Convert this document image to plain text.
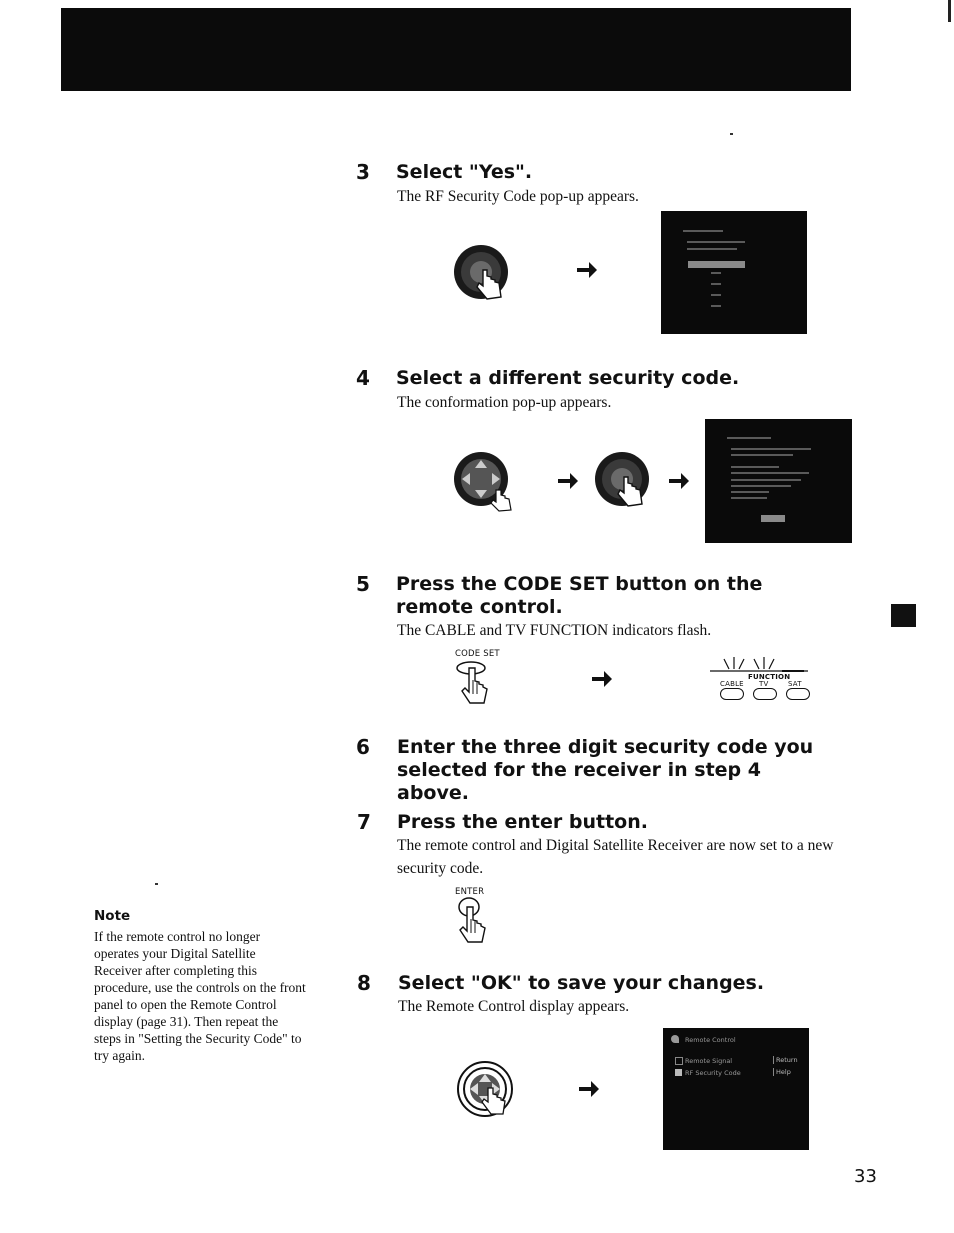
3 Select "Yes".
The RF Security Code pop-up appears.
4 Select a different security code.
The conformation pop-up appears.
5 Press the CODE SET button on the remote control.
The CABLE and TV FUNCTION indicators flash.
CODE SET
FUNCTION
CABLE TV	SAT
6 Enter the three digit security code you selected for the receiver in step 4 above.
7 Press the enter button.
The remote control and Digital Satellite Receiver are now set to a new security code.
ENTER
8 Select "OK" to save your changes.
The Remote Control display appears.
Remote Control
Remote Signal
RF Security Code
Return
Help
Note
If the remote control no longer operates your Digital Satellite Receiver after completing this procedure, use the controls on the front panel to open the Remote Control display (page 31). Then repeat the steps in "Setting the Security Code" to try again.
33
